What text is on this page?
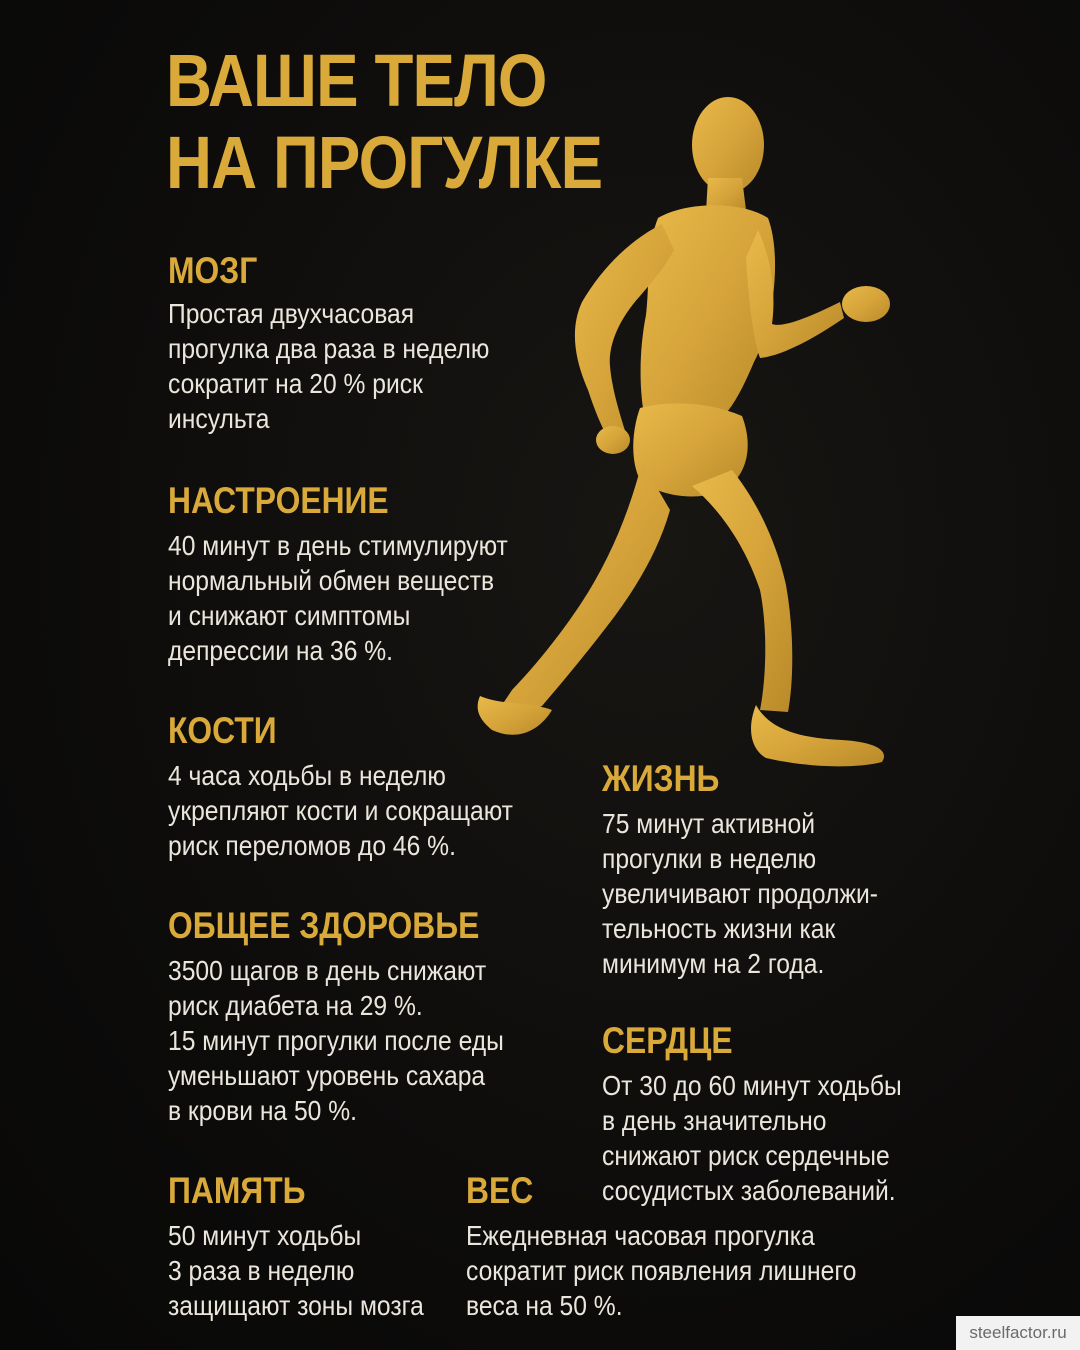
ВАШЕ ТЕЛО
НА ПРОГУЛКЕ
МОЗГ
Простая двухчасовая
прогулка два раза в неделю
сократит на 20 % риск
инсульта
НАСТРОЕНИЕ
40 минут в день стимулируют
нормальный обмен веществ
и снижают симптомы
депрессии на 36 %.
КОСТИ
4 часа ходьбы в неделю
укрепляют кости и сокращают
риск переломов до 46 %.
ЖИЗНЬ
75 минут активной
прогулки в неделю
увеличивают продолжи-
тельность жизни как
минимум на 2 года.
ОБЩЕЕ ЗДОРОВЬЕ
3500 щагов в день снижают
риск диабета на 29 %.
15 минут прогулки после еды
уменьшают уровень сахара
в крови на 50 %.
СЕРДЦЕ
От 30 до 60 минут ходьбы
в день значительно
снижают риск сердечные
сосудистых заболеваний.
ПАМЯТЬ
50 минут ходьбы
3 раза в неделю
защищают зоны мозга
ВЕС
Ежедневная часовая прогулка
сократит риск появления лишнего
веса на 50 %.
steelfactor.ru
